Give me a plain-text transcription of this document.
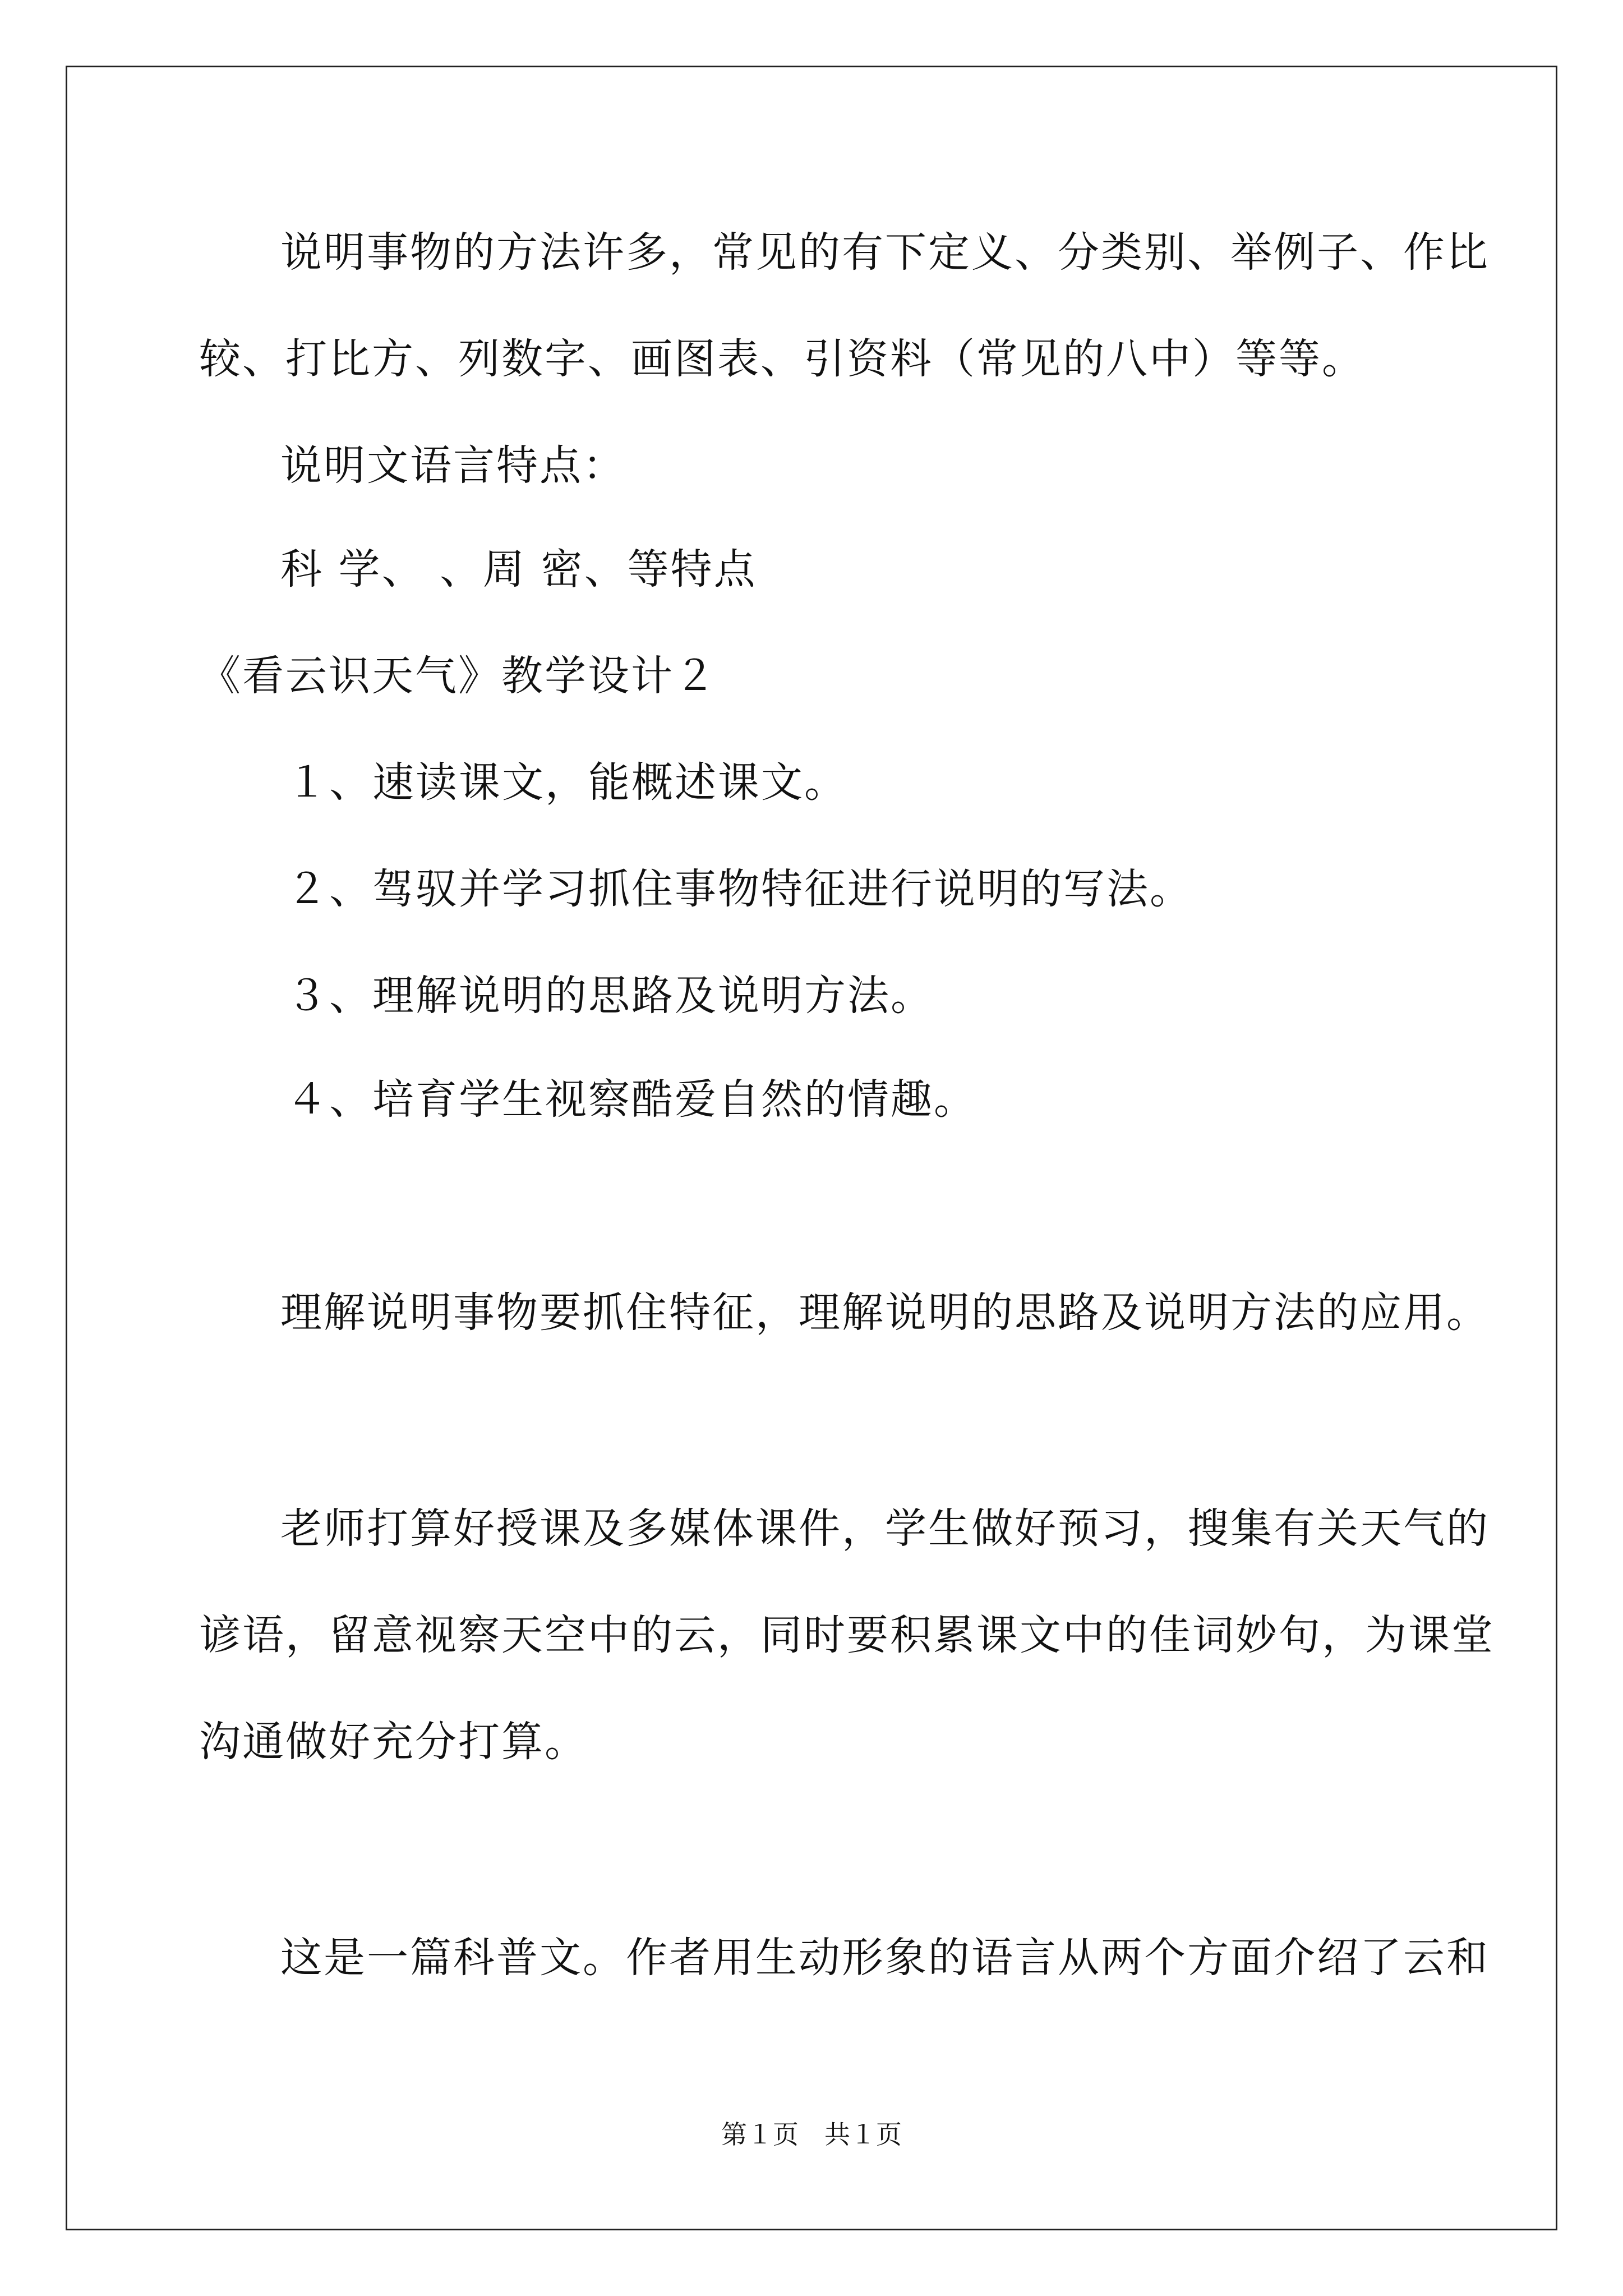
说明事物的方法许多，常见的有下定义、分类别、举例子、作比
较、打比方、列数字、画图表、引资料（常见的八中）等等。
说明文语言特点：
科 学、 、周 密、等特点
《看云识天气》教学设计２
１、速读课文，能概述课文。
２、驾驭并学习抓住事物特征进行说明的写法。
３、理解说明的思路及说明方法。
４、培育学生视察酷爱自然的情趣。
理解说明事物要抓住特征，理解说明的思路及说明方法的应用。
老师打算好授课及多媒体课件，学生做好预习，搜集有关天气的
谚语，留意视察天空中的云，同时要积累课文中的佳词妙句，为课堂
沟通做好充分打算。
这是一篇科普文。作者用生动形象的语言从两个方面介绍了云和
第１页　共１页
